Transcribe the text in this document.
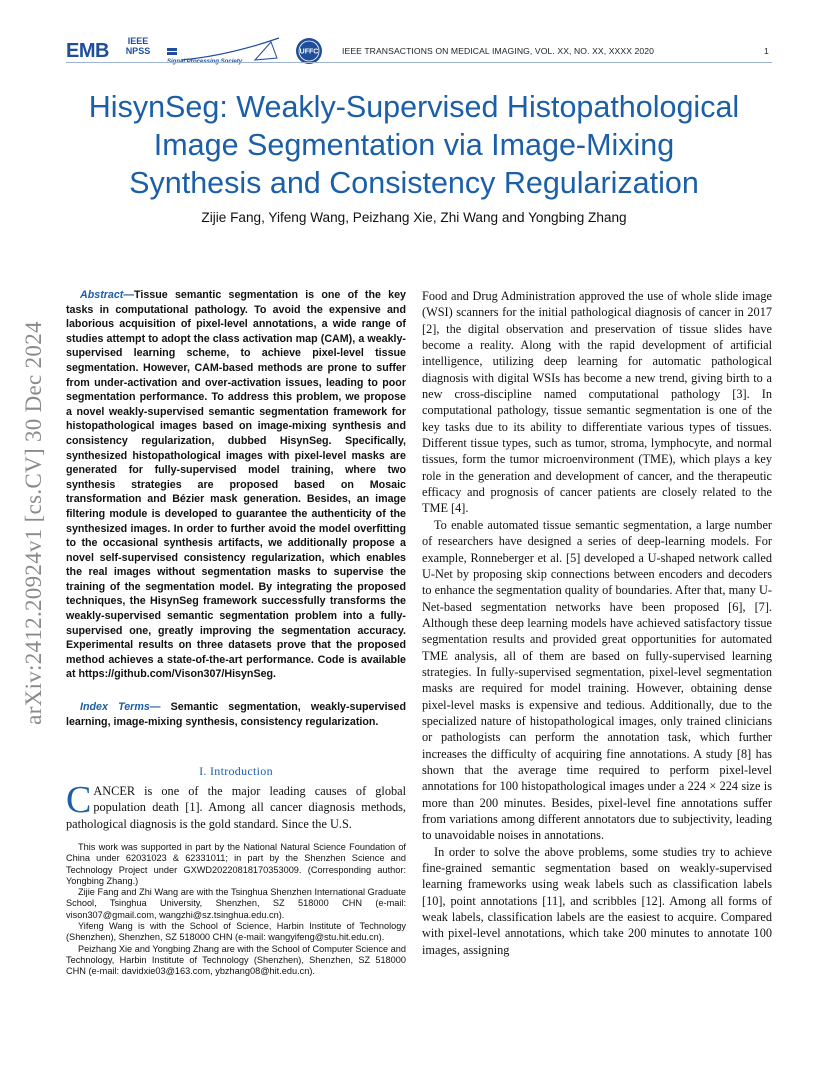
EMB	IEEE
NPSS	UFFC	IEEE TRANSACTIONS ON MEDICAL IMAGING, VOL. XX, NO. XX, XXXX 2020	1
HisynSeg: Weakly-Supervised Histopathological
Image Segmentation via Image-Mixing
Synthesis and Consistency Regularization
Zijie Fang, Yifeng Wang, Peizhang Xie, Zhi Wang and Yongbing Zhang
arXiv:2412.20924v1 [cs.CV] 30 Dec 2024

Abstract—Tissue semantic segmentation is one of the key tasks in computational pathology. To avoid the expensive and laborious acquisition of pixel-level annotations, a wide range of studies attempt to adopt the class activation map (CAM), a weakly-supervised learning scheme, to achieve pixel-level tissue segmentation. However, CAM-based methods are prone to suffer from under-activation and over-activation issues, leading to poor segmentation performance. To address this problem, we propose a novel weakly-supervised semantic segmentation framework for histopathological images based on image-mixing synthesis and consistency regularization, dubbed HisynSeg. Specifically, synthesized histopathological images with pixel-level masks are generated for fully-supervised model training, where two synthesis strategies are proposed based on Mosaic transformation and Bézier mask generation. Besides, an image filtering module is developed to guarantee the authenticity of the synthesized images. In order to further avoid the model overfitting to the occasional synthesis artifacts, we additionally propose a novel self-supervised consistency regularization, which enables the real images without segmentation masks to supervise the training of the segmentation model. By integrating the proposed techniques, the HisynSeg framework successfully transforms the weakly-supervised semantic segmentation problem into a fully-supervised one, greatly improving the segmentation accuracy. Experimental results on three datasets prove that the proposed method achieves a state-of-the-art performance. Code is available at https://github.com/Vison307/HisynSeg.

Index Terms— Semantic segmentation, weakly-supervised learning, image-mixing synthesis, consistency regularization.

I. Introduction

CANCER is one of the major leading causes of global population death [1]. Among all cancer diagnosis methods, pathological diagnosis is the gold standard. Since the U.S.

This work was supported in part by the National Natural Science Foundation of China under 62031023 & 62331011; in part by the Shenzhen Science and Technology Project under GXWD20220818170353009. (Corresponding author: Yongbing Zhang.)

Zijie Fang and Zhi Wang are with the Tsinghua Shenzhen International Graduate School, Tsinghua University, Shenzhen, SZ 518000 CHN (e-mail: vison307@gmail.com, wangzhi@sz.tsinghua.edu.cn).

Yifeng Wang is with the School of Science, Harbin Institute of Technology (Shenzhen), Shenzhen, SZ 518000 CHN (e-mail: wangyifeng@stu.hit.edu.cn).

Peizhang Xie and Yongbing Zhang are with the School of Computer Science and Technology, Harbin Institute of Technology (Shenzhen), Shenzhen, SZ 518000 CHN (e-mail: davidxie03@163.com, ybzhang08@hit.edu.cn).

Food and Drug Administration approved the use of whole slide image (WSI) scanners for the initial pathological diagnosis of cancer in 2017 [2], the digital observation and preservation of tissue slides have become a reality. Along with the rapid development of artificial intelligence, utilizing deep learning for automatic pathological diagnosis with digital WSIs has become a new trend, giving birth to a new cross-discipline named computational pathology [3]. In computational pathology, tissue semantic segmentation is one of the key tasks due to its ability to differentiate various types of tissues. Different tissue types, such as tumor, stroma, lymphocyte, and normal tissues, form the tumor microenvironment (TME), which plays a key role in the generation and development of cancer, and the therapeutic efficacy and prognosis of cancer patients are closely related to the TME [4].

To enable automated tissue semantic segmentation, a large number of researchers have designed a series of deep-learning models. For example, Ronneberger et al. [5] developed a U-shaped network called U-Net by proposing skip connections between encoders and decoders to enhance the segmentation quality of boundaries. After that, many U-Net-based segmentation networks have been proposed [6], [7]. Although these deep learning models have achieved satisfactory tissue segmentation results and provided great opportunities for automated TME analysis, all of them are based on fully-supervised learning strategies. In fully-supervised segmentation, pixel-level segmentation masks are required for model training. However, obtaining dense pixel-level masks is expensive and tedious. Additionally, due to the specialized nature of histopathological images, only trained clinicians or pathologists can perform the annotation task, which further increases the difficulty of acquiring fine annotations. A study [8] has shown that the average time required to perform pixel-level annotations for 100 histopathological images under a 224 × 224 size is more than 200 minutes. Besides, pixel-level fine annotations suffer from variations among different annotators due to subjectivity, leading to unavoidable noises in annotations.

In order to solve the above problems, some studies try to achieve fine-grained semantic segmentation based on weakly-supervised learning frameworks using weak labels such as classification labels [10], point annotations [11], and scribbles [12]. Among all forms of weak labels, classification labels are the easiest to acquire. Compared with pixel-level annotations, which take 200 minutes to annotate 100 images, assigning
